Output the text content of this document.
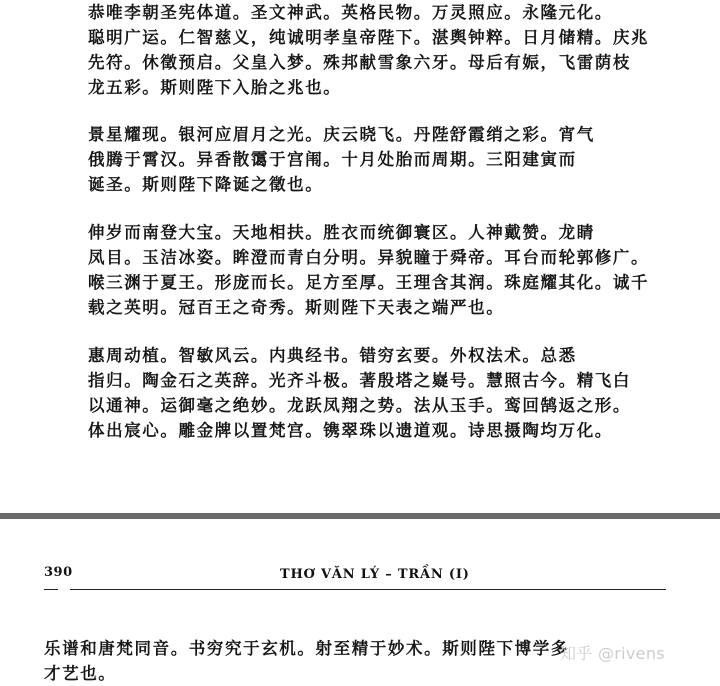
恭唯李朝圣宪体道。圣文神武。英格民物。万灵照应。永隆元化。
聪明广运。仁智慈义，纯诚明孝皇帝陛下。湛舆钟粹。日月储精。庆兆
先符。休徵预启。父皇入梦。殊邦献雪象六牙。母后有娠，飞雷荫枝
龙五彩。斯则陛下入胎之兆也。

景星耀现。银河应眉月之光。庆云晓飞。丹陛舒霞绡之彩。宵气
俄腾于霄汉。异香散霭于宫闱。十月处胎而周期。三阳建寅而
诞圣。斯则陛下降诞之徵也。

伸岁而南登大宝。天地相扶。胜衣而统御寰区。人神戴赞。龙睛
凤目。玉洁冰姿。眸澄而青白分明。异貌瞳于舜帝。耳台而轮郭修广。
喉三渊于夏王。形庞而长。足方至厚。王理含其润。珠庭耀其化。诚千
载之英明。冠百王之奇秀。斯则陛下天表之端严也。

惠周动植。智敏风云。内典经书。错穷玄要。外权法术。总悉
指归。陶金石之英辞。光齐斗极。著殷塔之嶷号。慧照古今。精飞白
以通神。运御毫之绝妙。龙跃凤翔之势。法从玉手。鸾回鹄返之形。
体出宸心。雕金牌以置梵宫。镌翠珠以遗道观。诗思摄陶均万化。

390	THƠ VĂN LÝ – TRẦN (I)

乐谱和唐梵同音。书穷究于玄机。射至精于妙术。斯则陛下博学多
才艺也。

知乎 @rivens
